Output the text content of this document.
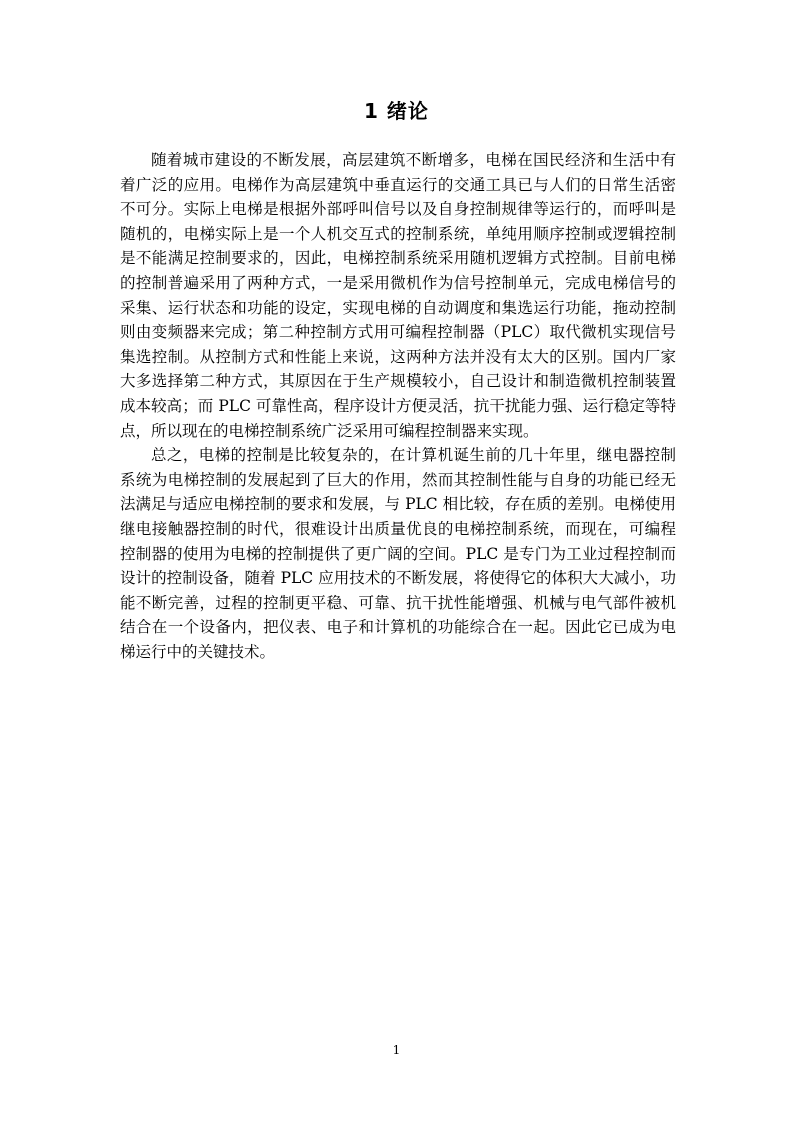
1 绪论

随着城市建设的不断发展，高层建筑不断增多，电梯在国民经济和生活中有着广泛的应用。电梯作为高层建筑中垂直运行的交通工具已与人们的日常生活密不可分。实际上电梯是根据外部呼叫信号以及自身控制规律等运行的，而呼叫是随机的，电梯实际上是一个人机交互式的控制系统，单纯用顺序控制或逻辑控制是不能满足控制要求的，因此，电梯控制系统采用随机逻辑方式控制。目前电梯的控制普遍采用了两种方式，一是采用微机作为信号控制单元，完成电梯信号的采集、运行状态和功能的设定，实现电梯的自动调度和集选运行功能，拖动控制则由变频器来完成；第二种控制方式用可编程控制器（PLC）取代微机实现信号集选控制。从控制方式和性能上来说，这两种方法并没有太大的区别。国内厂家大多选择第二种方式，其原因在于生产规模较小，自己设计和制造微机控制装置成本较高；而 PLC 可靠性高，程序设计方便灵活，抗干扰能力强、运行稳定等特点，所以现在的电梯控制系统广泛采用可编程控制器来实现。

总之，电梯的控制是比较复杂的，在计算机诞生前的几十年里，继电器控制系统为电梯控制的发展起到了巨大的作用，然而其控制性能与自身的功能已经无法满足与适应电梯控制的要求和发展，与 PLC 相比较，存在质的差别。电梯使用继电接触器控制的时代，很难设计出质量优良的电梯控制系统，而现在，可编程控制器的使用为电梯的控制提供了更广阔的空间。PLC 是专门为工业过程控制而设计的控制设备，随着 PLC 应用技术的不断发展，将使得它的体积大大减小，功能不断完善，过程的控制更平稳、可靠、抗干扰性能增强、机械与电气部件被机结合在一个设备内，把仪表、电子和计算机的功能综合在一起。因此它已成为电梯运行中的关键技术。

1
